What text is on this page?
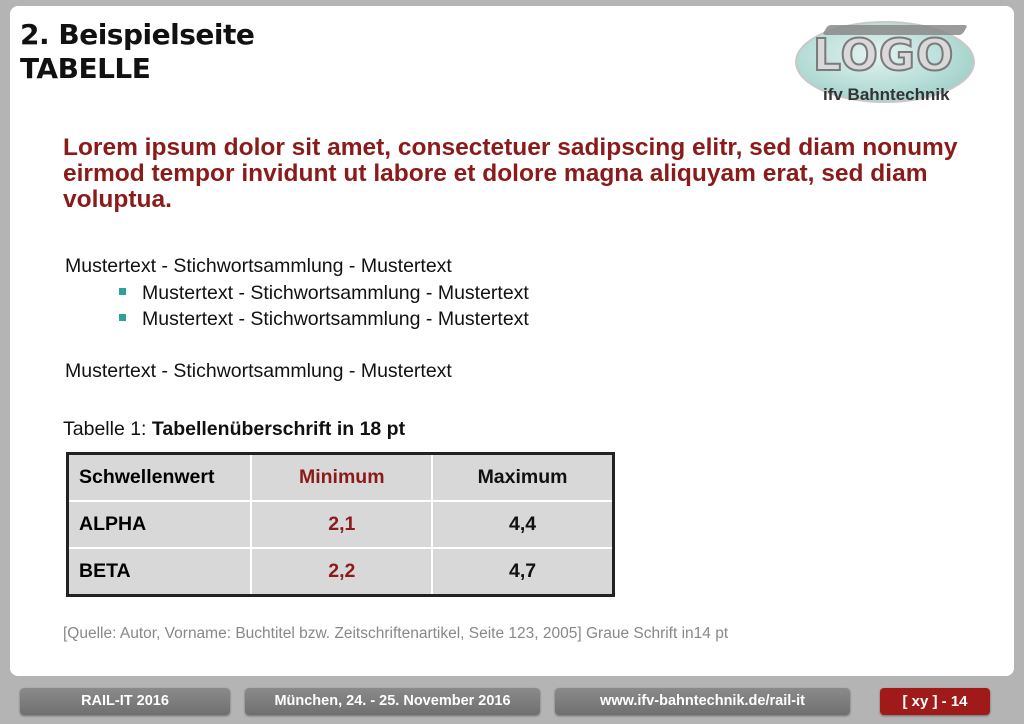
2. Beispielseite
TABELLE	LOGO
ifv Bahntechnik
Lorem ipsum dolor sit amet, consectetuer sadipscing elitr, sed diam nonumy eirmod tempor invidunt ut labore et dolore magna aliquyam erat, sed diam voluptua.
Mustertext - Stichwortsammlung - Mustertext
Mustertext - Stichwortsammlung - Mustertext
Mustertext - Stichwortsammlung - Mustertext
Mustertext - Stichwortsammlung - Mustertext
Tabelle 1: Tabellenüberschrift in 18 pt
Schwellenwert	Minimum	Maximum
ALPHA	2,1	4,4
BETA	2,2	4,7
[Quelle: Autor, Vorname: Buchtitel bzw. Zeitschriftenartikel, Seite 123, 2005] Graue Schrift in14 pt
RAIL-IT 2016	München, 24. - 25. November 2016	www.ifv-bahntechnik.de/rail-it	[ xy ] - 14
